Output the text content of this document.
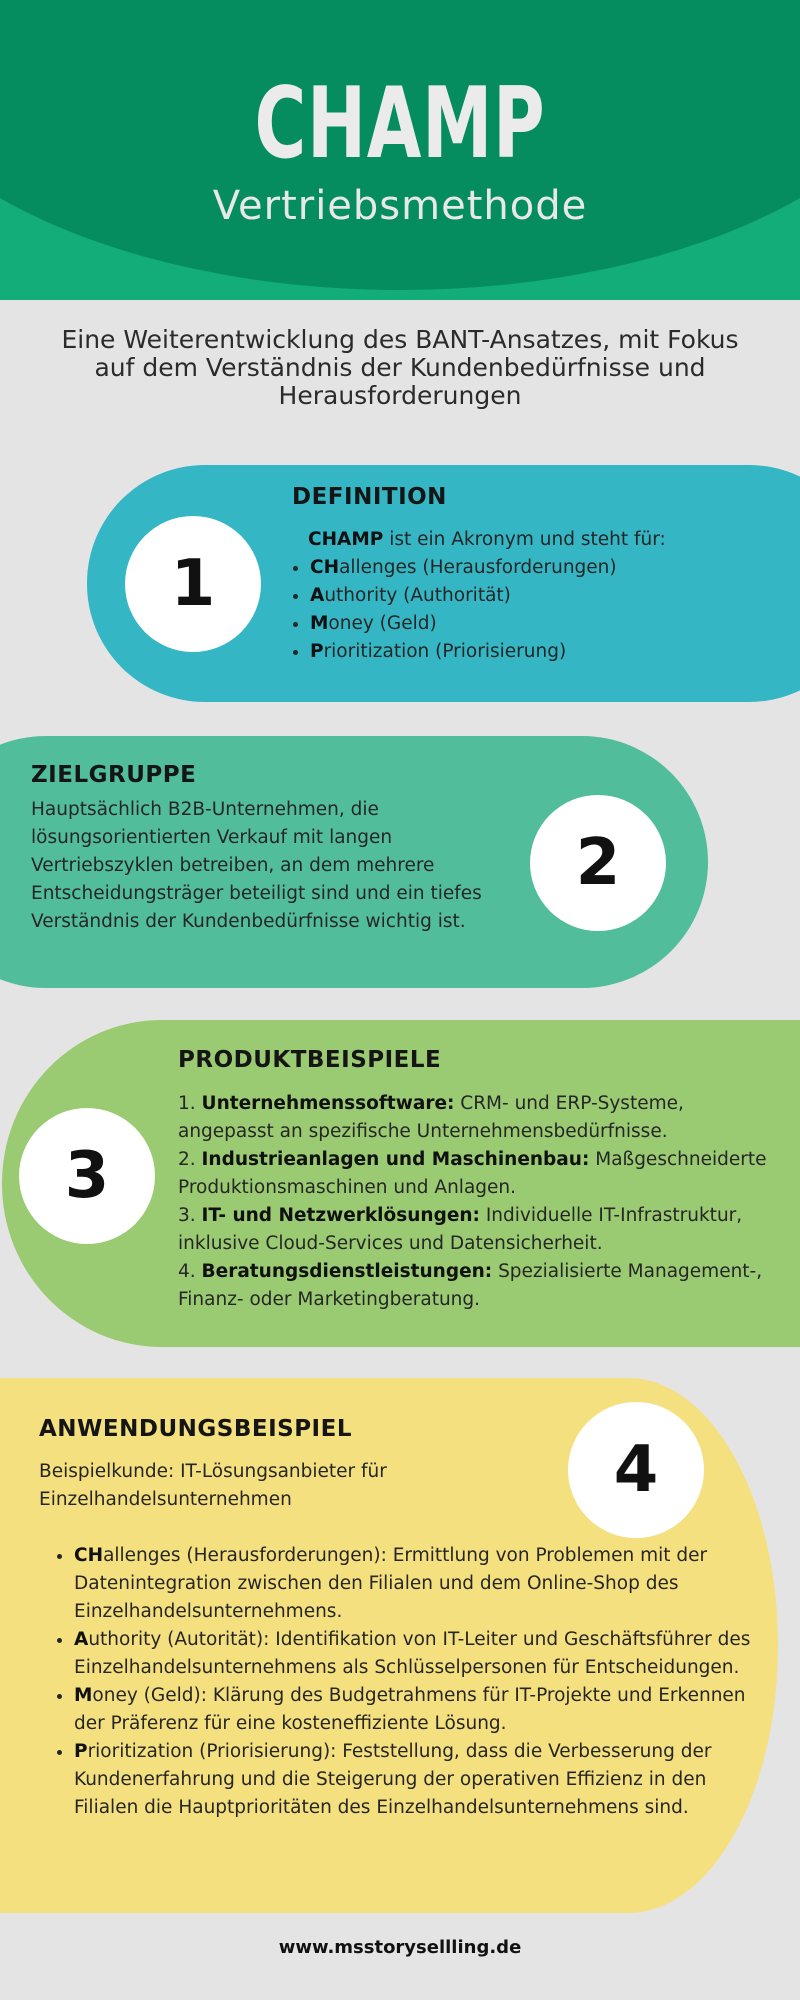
CHAMP
Vertriebsmethode
Eine Weiterentwicklung des BANT-Ansatzes, mit Fokus auf dem Verständnis der Kundenbedürfnisse und Herausforderungen
1
DEFINITION
CHAMP ist ein Akronym und steht für:
• CHallenges (Herausforderungen)
• Authority (Authorität)
• Money (Geld)
• Prioritization (Priorisierung)
ZIELGRUPPE
Hauptsächlich B2B-Unternehmen, die lösungsorientierten Verkauf mit langen Vertriebszyklen betreiben, an dem mehrere Entscheidungsträger beteiligt sind und ein tiefes Verständnis der Kundenbedürfnisse wichtig ist.
2
3
PRODUKTBEISPIELE

1. Unternehmenssoftware: CRM- und ERP-Systeme, angepasst an spezifische Unternehmensbedürfnisse.

2. Industrieanlagen und Maschinenbau: Maßgeschneiderte Produktionsmaschinen und Anlagen.

3. IT- und Netzwerklösungen: Individuelle IT-Infrastruktur, inklusive Cloud-Services und Datensicherheit.

4. Beratungsdienstleistungen: Spezialisierte Management-, Finanz- oder Marketingberatung.

ANWENDUNGSBEISPIEL
4
Beispielkunde: IT-Lösungsanbieter für Einzelhandelsunternehmen
• CHallenges (Herausforderungen): Ermittlung von Problemen mit der Datenintegration zwischen den Filialen und dem Online-Shop des Einzelhandelsunternehmens.
• Authority (Autorität): Identifikation von IT-Leiter und Geschäftsführer des Einzelhandelsunternehmens als Schlüsselpersonen für Entscheidungen.
• Money (Geld): Klärung des Budgetrahmens für IT-Projekte und Erkennen der Präferenz für eine kosteneffiziente Lösung.
• Prioritization (Priorisierung): Feststellung, dass die Verbesserung der Kundenerfahrung und die Steigerung der operativen Effizienz in den Filialen die Hauptprioritäten des Einzelhandelsunternehmens sind.
www.msstorysellling.de
